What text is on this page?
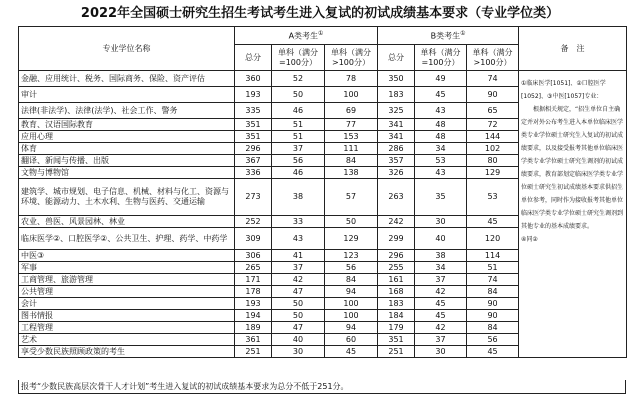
2022年全国硕士研究生招生考试考生进入复试的初试成绩基本要求（专业学位类）
专业学位名称	A类考生①			B类考生①			备　注
	总分	单科（满分=100分）	单科（满分>100分）	总分	单科（满分=100分）	单科（满分>100分）	
金融、应用统计、税务、国际商务、保险、资产评估	360	52	78	350	49	74	①临床医学[1051]、②口腔医学[1052]、③中医[1057]专业：
根据相关规定，“招生单位自主确定并对外公布考生进入本单位临床医学类专业学位硕士研究生入复试的初试成绩要求，以及接受报考其他单位临床医学类专业学位硕士研究生调剂的初试成绩要求，教育部划定临床医学类专业学位硕士研究生初试成绩基本要求供招生单位参考，同时作为接收报考其他单位临床医学类专业学位硕士研究生调剂到其他专业的基本成绩要求。
④同②

审计	193	50	100	183	45	90	
法律(非法学)、法律(法学)、社会工作、警务	335	46	69	325	43	65	
教育、汉语国际教育	351	51	77	341	48	72	
应用心理	351	51	153	341	48	144	
体育	296	37	111	286	34	102	
翻译、新闻与传播、出版	367	56	84	357	53	80	
文物与博物馆	336	46	138	326	43	129	
建筑学、城市规划、电子信息、机械、材料与化工、资源与环境、能源动力、土木水利、生物与医药、交通运输	273	38	57	263	35	53	
农业、兽医、风景园林、林业	252	33	50	242	30	45	
临床医学②、口腔医学②、公共卫生、护理、药学、中药学	309	43	129	299	40	120	
中医③	306	41	123	296	38	114	
军事	265	37	56	255	34	51	
工商管理、旅游管理	171	42	84	161	37	74	
公共管理	178	47	94	168	42	84	
会计	193	50	100	183	45	90	
图书情报	194	50	100	184	45	90	
工程管理	189	47	94	179	42	84	
艺术	361	40	60	351	37	56	
享受少数民族照顾政策的考生	251	30	45	251	30	45	
报考“少数民族高层次骨干人才计划”考生进入复试的初试成绩基本要求为总分不低于251分。
